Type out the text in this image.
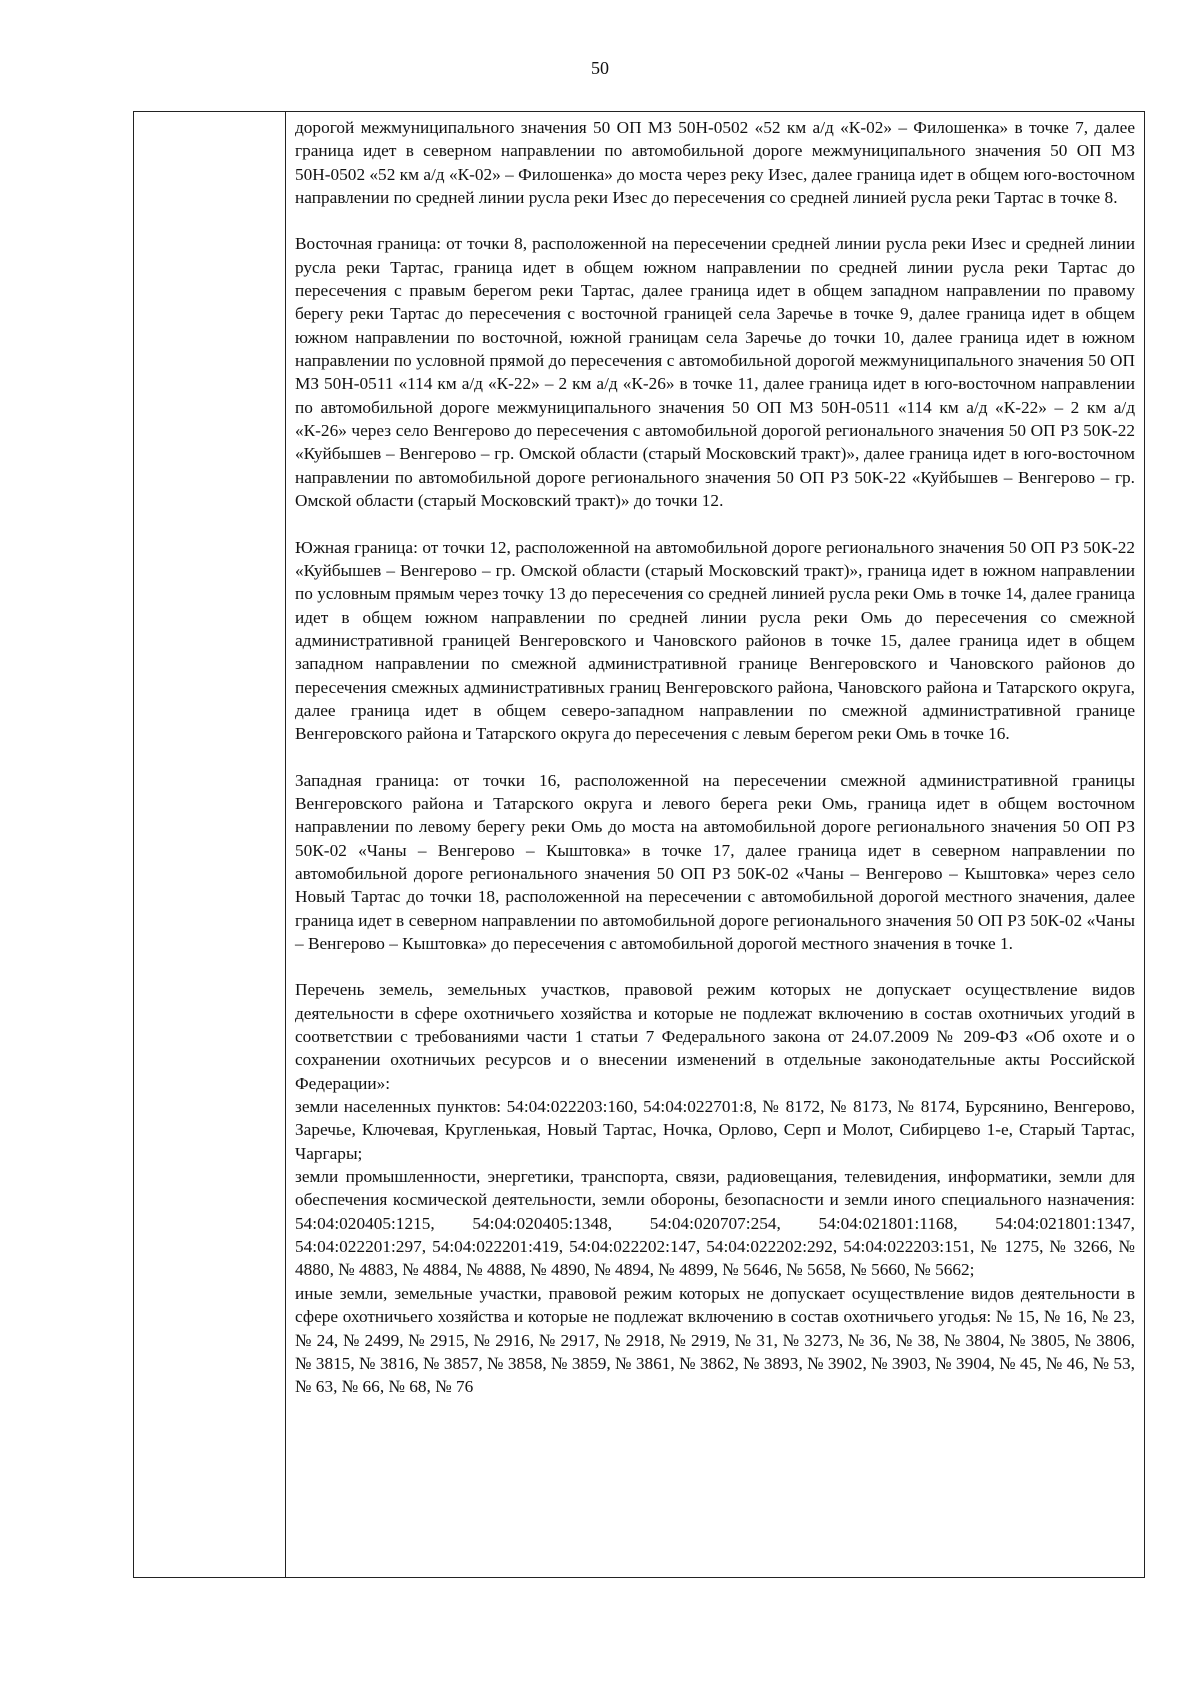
50

дорогой межмуниципального значения 50 ОП МЗ 50Н-0502 «52 км а/д «К-02» – Филошенка» в точке 7, далее граница идет в северном направлении по автомобильной дороге межмуниципального значения 50 ОП МЗ 50Н-0502 «52 км а/д «К-02» – Филошенка» до моста через реку Изес, далее граница идет в общем юго-восточном направлении по средней линии русла реки Изес до пересечения со средней линией русла реки Тартас в точке 8.

Восточная граница: от точки 8, расположенной на пересечении средней линии русла реки Изес и средней линии русла реки Тартас, граница идет в общем южном направлении по средней линии русла реки Тартас до пересечения с правым берегом реки Тартас, далее граница идет в общем западном направлении по правому берегу реки Тартас до пересечения с восточной границей села Заречье в точке 9, далее граница идет в общем южном направлении по восточной, южной границам села Заречье до точки 10, далее граница идет в южном направлении по условной прямой до пересечения с автомобильной дорогой межмуниципального значения 50 ОП МЗ 50Н-0511 «114 км а/д «К-22» – 2 км а/д «К-26» в точке 11, далее граница идет в юго-восточном направлении по автомобильной дороге межмуниципального значения 50 ОП МЗ 50Н-0511 «114 км а/д «К-22» – 2 км а/д «К-26» через село Венгерово до пересечения с автомобильной дорогой регионального значения 50 ОП РЗ 50К-22 «Куйбышев – Венгерово – гр. Омской области (старый Московский тракт)», далее граница идет в юго-восточном направлении по автомобильной дороге регионального значения 50 ОП РЗ 50К-22 «Куйбышев – Венгерово – гр. Омской области (старый Московский тракт)» до точки 12.

Южная граница: от точки 12, расположенной на автомобильной дороге регионального значения 50 ОП РЗ 50К-22 «Куйбышев – Венгерово – гр. Омской области (старый Московский тракт)», граница идет в южном направлении по условным прямым через точку 13 до пересечения со средней линией русла реки Омь в точке 14, далее граница идет в общем южном направлении по средней линии русла реки Омь до пересечения со смежной административной границей Венгеровского и Чановского районов в точке 15, далее граница идет в общем западном направлении по смежной административной границе Венгеровского и Чановского районов до пересечения смежных административных границ Венгеровского района, Чановского района и Татарского округа, далее граница идет в общем северо-западном направлении по смежной административной границе Венгеровского района и Татарского округа до пересечения с левым берегом реки Омь в точке 16.

Западная граница: от точки 16, расположенной на пересечении смежной административной границы Венгеровского района и Татарского округа и левого берега реки Омь, граница идет в общем восточном направлении по левому берегу реки Омь до моста на автомобильной дороге регионального значения 50 ОП РЗ 50К-02 «Чаны – Венгерово – Кыштовка» в точке 17, далее граница идет в северном направлении по автомобильной дороге регионального значения 50 ОП РЗ 50К-02 «Чаны – Венгерово – Кыштовка» через село Новый Тартас до точки 18, расположенной на пересечении с автомобильной дорогой местного значения, далее граница идет в северном направлении по автомобильной дороге регионального значения 50 ОП РЗ 50К-02 «Чаны – Венгерово – Кыштовка» до пересечения с автомобильной дорогой местного значения в точке 1.

Перечень земель, земельных участков, правовой режим которых не допускает осуществление видов деятельности в сфере охотничьего хозяйства и которые не подлежат включению в состав охотничьих угодий в соответствии с требованиями части 1 статьи 7 Федерального закона от 24.07.2009 № 209-ФЗ «Об охоте и о сохранении охотничьих ресурсов и о внесении изменений в отдельные законодательные акты Российской Федерации»:

земли населенных пунктов: 54:04:022203:160, 54:04:022701:8, № 8172, № 8173, № 8174, Бурсянино, Венгерово, Заречье, Ключевая, Кругленькая, Новый Тартас, Ночка, Орлово, Серп и Молот, Сибирцево 1-е, Старый Тартас, Чаргары;

земли промышленности, энергетики, транспорта, связи, радиовещания, телевидения, информатики, земли для обеспечения космической деятельности, земли обороны, безопасности и земли иного специального назначения: 54:04:020405:1215, 54:04:020405:1348, 54:04:020707:254, 54:04:021801:1168, 54:04:021801:1347, 54:04:022201:297, 54:04:022201:419, 54:04:022202:147, 54:04:022202:292, 54:04:022203:151, № 1275, № 3266, № 4880, № 4883, № 4884, № 4888, № 4890, № 4894, № 4899, № 5646, № 5658, № 5660, № 5662;

иные земли, земельные участки, правовой режим которых не допускает осуществление видов деятельности в сфере охотничьего хозяйства и которые не подлежат включению в состав охотничьего угодья: № 15, № 16, № 23, № 24, № 2499, № 2915, № 2916, № 2917, № 2918, № 2919, № 31, № 3273, № 36, № 38, № 3804, № 3805, № 3806, № 3815, № 3816, № 3857, № 3858, № 3859, № 3861, № 3862, № 3893, № 3902, № 3903, № 3904, № 45, № 46, № 53, № 63, № 66, № 68, № 76
